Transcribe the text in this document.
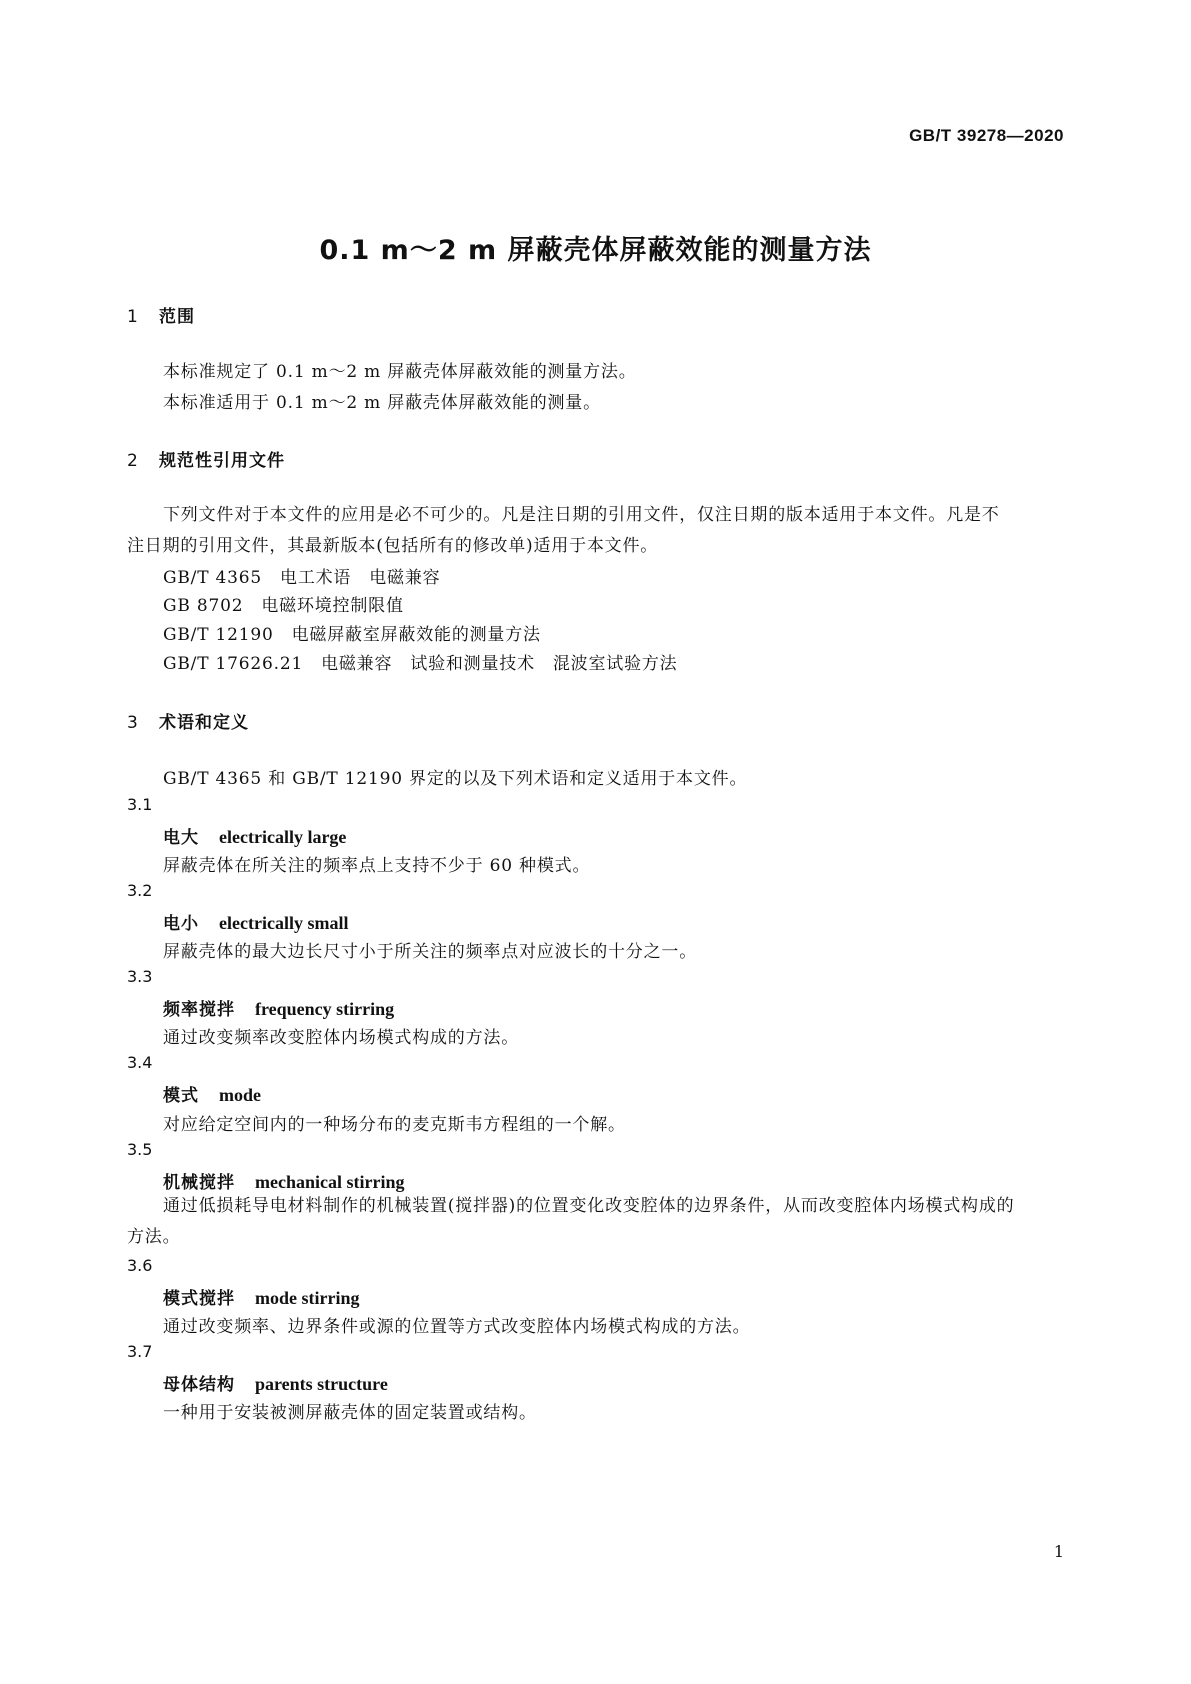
GB/T 39278—2020
0.1 m～2 m 屏蔽壳体屏蔽效能的测量方法
1 范围
本标准规定了 0.1 m～2 m 屏蔽壳体屏蔽效能的测量方法。
本标准适用于 0.1 m～2 m 屏蔽壳体屏蔽效能的测量。
2 规范性引用文件
下列文件对于本文件的应用是必不可少的。凡是注日期的引用文件，仅注日期的版本适用于本文件。凡是不注日期的引用文件，其最新版本(包括所有的修改单)适用于本文件。
GB/T 4365 电工术语 电磁兼容
GB 8702 电磁环境控制限值
GB/T 12190 电磁屏蔽室屏蔽效能的测量方法
GB/T 17626.21 电磁兼容 试验和测量技术 混波室试验方法
3 术语和定义
GB/T 4365 和 GB/T 12190 界定的以及下列术语和定义适用于本文件。
3.1
电大 electrically large
屏蔽壳体在所关注的频率点上支持不少于 60 种模式。
3.2
电小 electrically small
屏蔽壳体的最大边长尺寸小于所关注的频率点对应波长的十分之一。
3.3
频率搅拌 frequency stirring
通过改变频率改变腔体内场模式构成的方法。
3.4
模式 mode
对应给定空间内的一种场分布的麦克斯韦方程组的一个解。
3.5
机械搅拌 mechanical stirring
通过低损耗导电材料制作的机械装置(搅拌器)的位置变化改变腔体的边界条件，从而改变腔体内场模式构成的方法。
3.6
模式搅拌 mode stirring
通过改变频率、边界条件或源的位置等方式改变腔体内场模式构成的方法。
3.7
母体结构 parents structure
一种用于安装被测屏蔽壳体的固定装置或结构。
1
